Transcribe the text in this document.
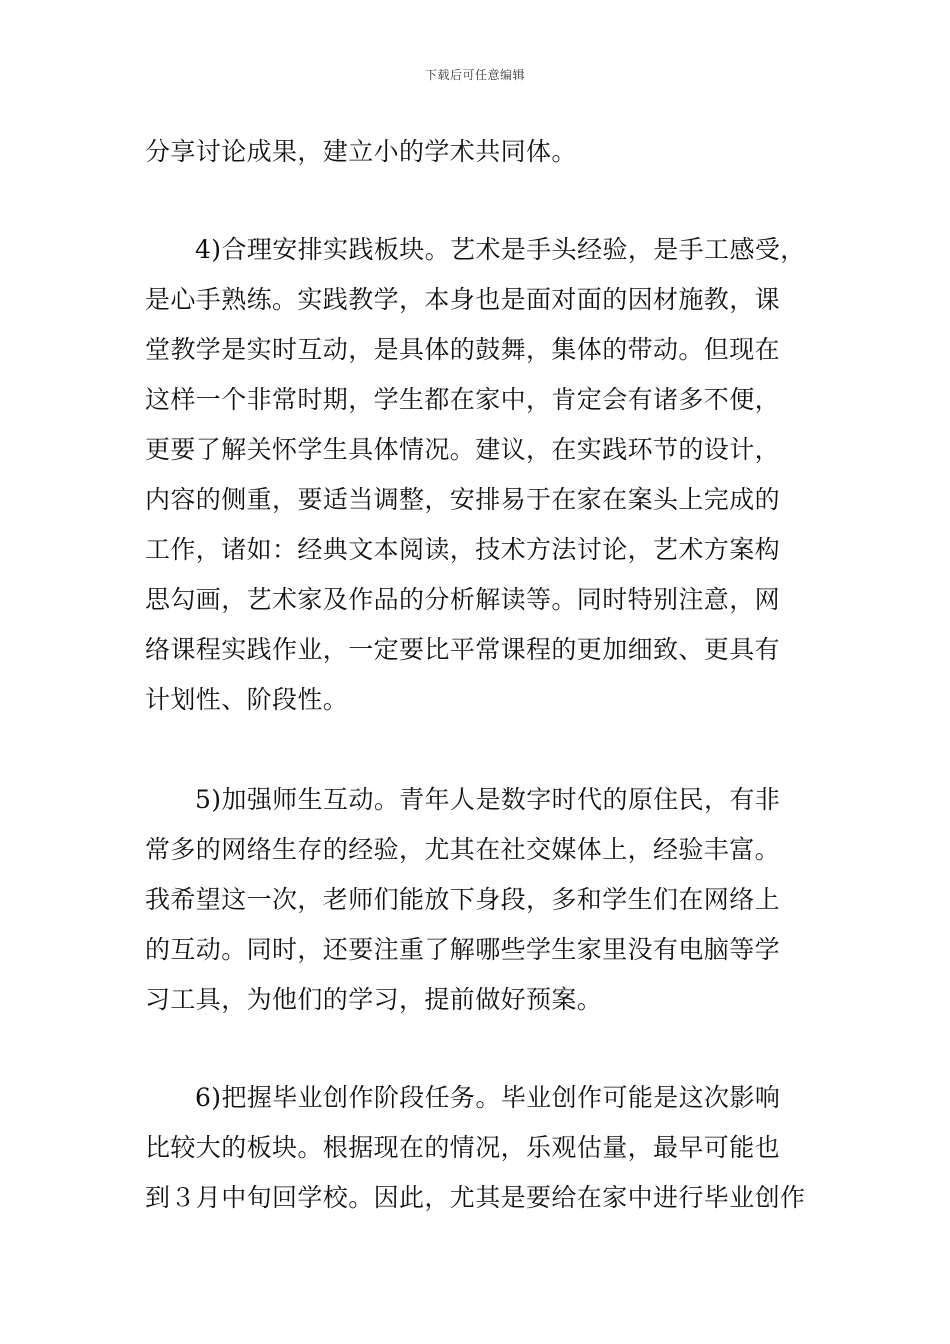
下载后可任意编辑
分享讨论成果，建立小的学术共同体。
4)合理安排实践板块。艺术是手头经验，是手工感受，
是心手熟练。实践教学，本身也是面对面的因材施教，课
堂教学是实时互动，是具体的鼓舞，集体的带动。但现在
这样一个非常时期，学生都在家中，肯定会有诸多不便，
更要了解关怀学生具体情况。建议，在实践环节的设计，
内容的侧重，要适当调整，安排易于在家在案头上完成的
工作，诸如：经典文本阅读，技术方法讨论，艺术方案构
思勾画，艺术家及作品的分析解读等。同时特别注意，网
络课程实践作业，一定要比平常课程的更加细致、更具有
计划性、阶段性。
5)加强师生互动。青年人是数字时代的原住民，有非
常多的网络生存的经验，尤其在社交媒体上，经验丰富。
我希望这一次，老师们能放下身段，多和学生们在网络上
的互动。同时，还要注重了解哪些学生家里没有电脑等学
习工具，为他们的学习，提前做好预案。
6)把握毕业创作阶段任务。毕业创作可能是这次影响
比较大的板块。根据现在的情况，乐观估量，最早可能也
到３月中旬回学校。因此，尤其是要给在家中进行毕业创作
